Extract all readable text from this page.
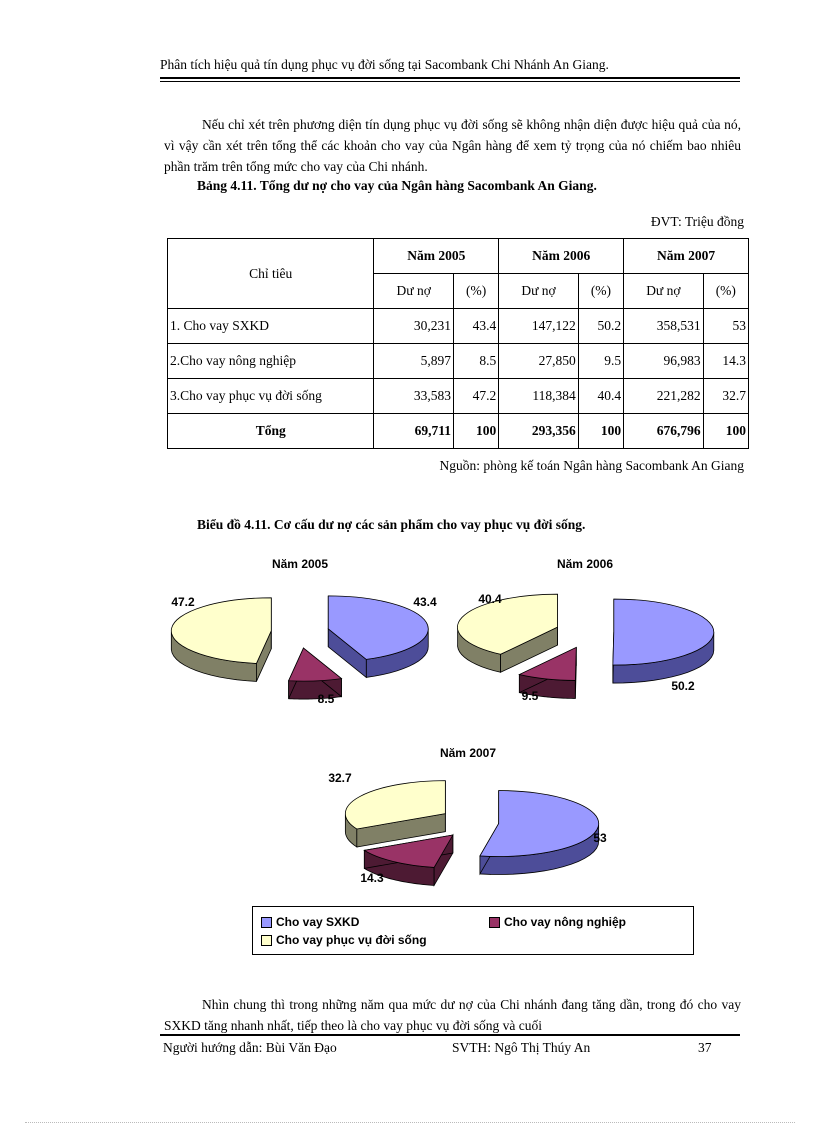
Phân tích hiệu quả tín dụng phục vụ đời sống tại Sacombank Chi Nhánh An Giang.
Nếu chỉ xét trên phương diện tín dụng phục vụ đời sống sẽ không nhận diện được hiệu quả của nó, vì vậy cần xét trên tổng thể các khoản cho vay của Ngân hàng để xem tỷ trọng của nó chiếm bao nhiêu phần trăm trên tổng mức cho vay của Chi nhánh.
Bảng 4.11. Tổng dư nợ cho vay của Ngân hàng Sacombank An Giang.
ĐVT: Triệu đồng
Chỉ tiêu	Năm 2005		Năm 2006		Năm 2007	
	Dư nợ	(%)	Dư nợ	(%)	Dư nợ	(%)
1. Cho vay SXKD	30,231	43.4	147,122	50.2	358,531	53
2.Cho vay nông nghiệp	5,897	8.5	27,850	9.5	96,983	14.3
3.Cho vay phục vụ đời sống	33,583	47.2	118,384	40.4	221,282	32.7
Tổng	69,711	100	293,356	100	676,796	100
Nguồn: phòng kế toán Ngân hàng Sacombank An Giang
Biểu đồ 4.11. Cơ cấu dư nợ các sản phẩm cho vay phục vụ đời sống.
Năm 2005
43.4
8.5
47.2
Năm 2006
50.2
9.5
40.4
Năm 2007
53
14.3
32.7
Cho vay SXKD	Cho vay nông nghiệp
Cho vay phục vụ đời sống
Nhìn chung thì trong những năm qua mức dư nợ của Chi nhánh đang tăng dần, trong đó cho vay SXKD tăng nhanh nhất, tiếp theo là cho vay phục vụ đời sống và cuối
Người hướng dẫn: Bùi Văn Đạo	SVTH: Ngô Thị Thúy An	37
